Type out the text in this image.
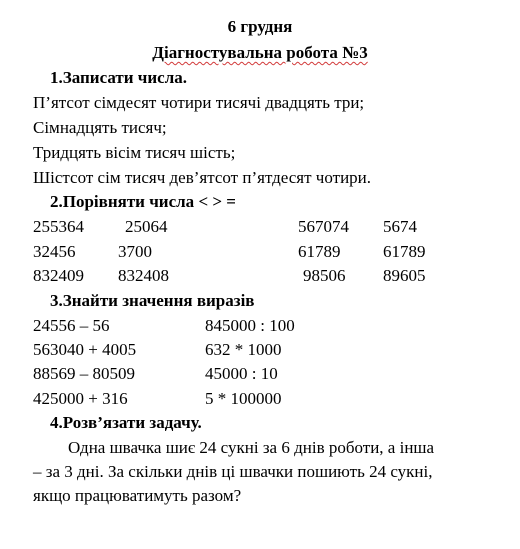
6 грудня
Діагностувальна робота №3
1.Записати числа.
П’ятсот сімдесят чотири тисячі двадцять три;
Сімнадцять тисяч;
Тридцять вісім тисяч шість;
Шістсот сім тисяч дев’ятсот п’ятдесят чотири.
2.Порівняти числа < > =
255364 25064	567074 5674
32456	3700	61789	61789
832409 832408	98506 89605
3.Знайти значення виразів
24556 – 56	845000 : 100
563040 + 4005	632 * 1000
88569 – 80509	45000 : 10
425000 + 316	5 * 100000
4.Розв’язати задачу.
Одна швачка шиє 24 сукні за 6 днів роботи, а інша
– за 3 дні. За скільки днів ці швачки пошиють 24 сукні,
якщо працюватимуть разом?
